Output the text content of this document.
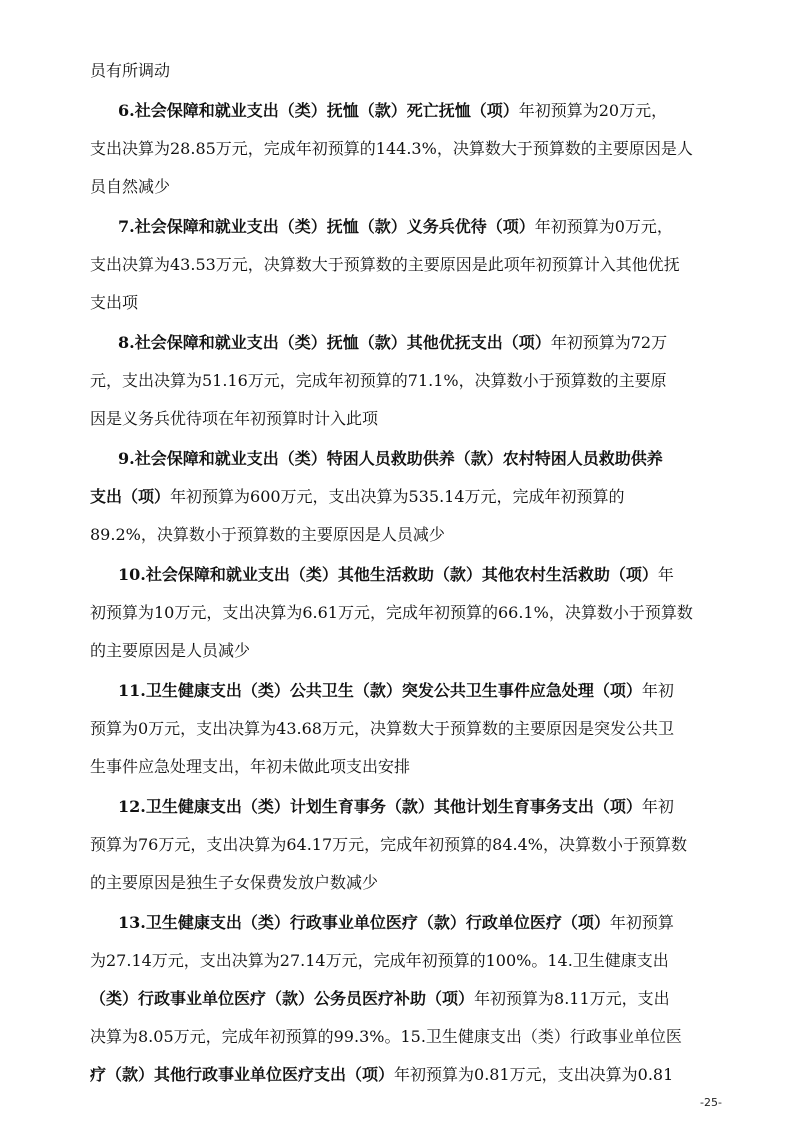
员有所调动
6.社会保障和就业支出（类）抚恤（款）死亡抚恤（项）年初预算为20万元，
支出决算为28.85万元，完成年初预算的144.3%，决算数大于预算数的主要原因是人
员自然减少
7.社会保障和就业支出（类）抚恤（款）义务兵优待（项）年初预算为0万元，
支出决算为43.53万元，决算数大于预算数的主要原因是此项年初预算计入其他优抚
支出项
8.社会保障和就业支出（类）抚恤（款）其他优抚支出（项）年初预算为72万
元，支出决算为51.16万元，完成年初预算的71.1%，决算数小于预算数的主要原
因是义务兵优待项在年初预算时计入此项
9.社会保障和就业支出（类）特困人员救助供养（款）农村特困人员救助供养
支出（项）年初预算为600万元，支出决算为535.14万元，完成年初预算的
89.2%，决算数小于预算数的主要原因是人员减少
10.社会保障和就业支出（类）其他生活救助（款）其他农村生活救助（项）年
初预算为10万元，支出决算为6.61万元，完成年初预算的66.1%，决算数小于预算数
的主要原因是人员减少
11.卫生健康支出（类）公共卫生（款）突发公共卫生事件应急处理（项）年初
预算为0万元，支出决算为43.68万元，决算数大于预算数的主要原因是突发公共卫
生事件应急处理支出，年初未做此项支出安排
12.卫生健康支出（类）计划生育事务（款）其他计划生育事务支出（项）年初
预算为76万元，支出决算为64.17万元，完成年初预算的84.4%，决算数小于预算数
的主要原因是独生子女保费发放户数减少
13.卫生健康支出（类）行政事业单位医疗（款）行政单位医疗（项）年初预算
为27.14万元，支出决算为27.14万元，完成年初预算的100%。14.卫生健康支出
（类）行政事业单位医疗（款）公务员医疗补助（项）年初预算为8.11万元，支出
决算为8.05万元，完成年初预算的99.3%。15.卫生健康支出（类）行政事业单位医
疗（款）其他行政事业单位医疗支出（项）年初预算为0.81万元，支出决算为0.81
-25-
